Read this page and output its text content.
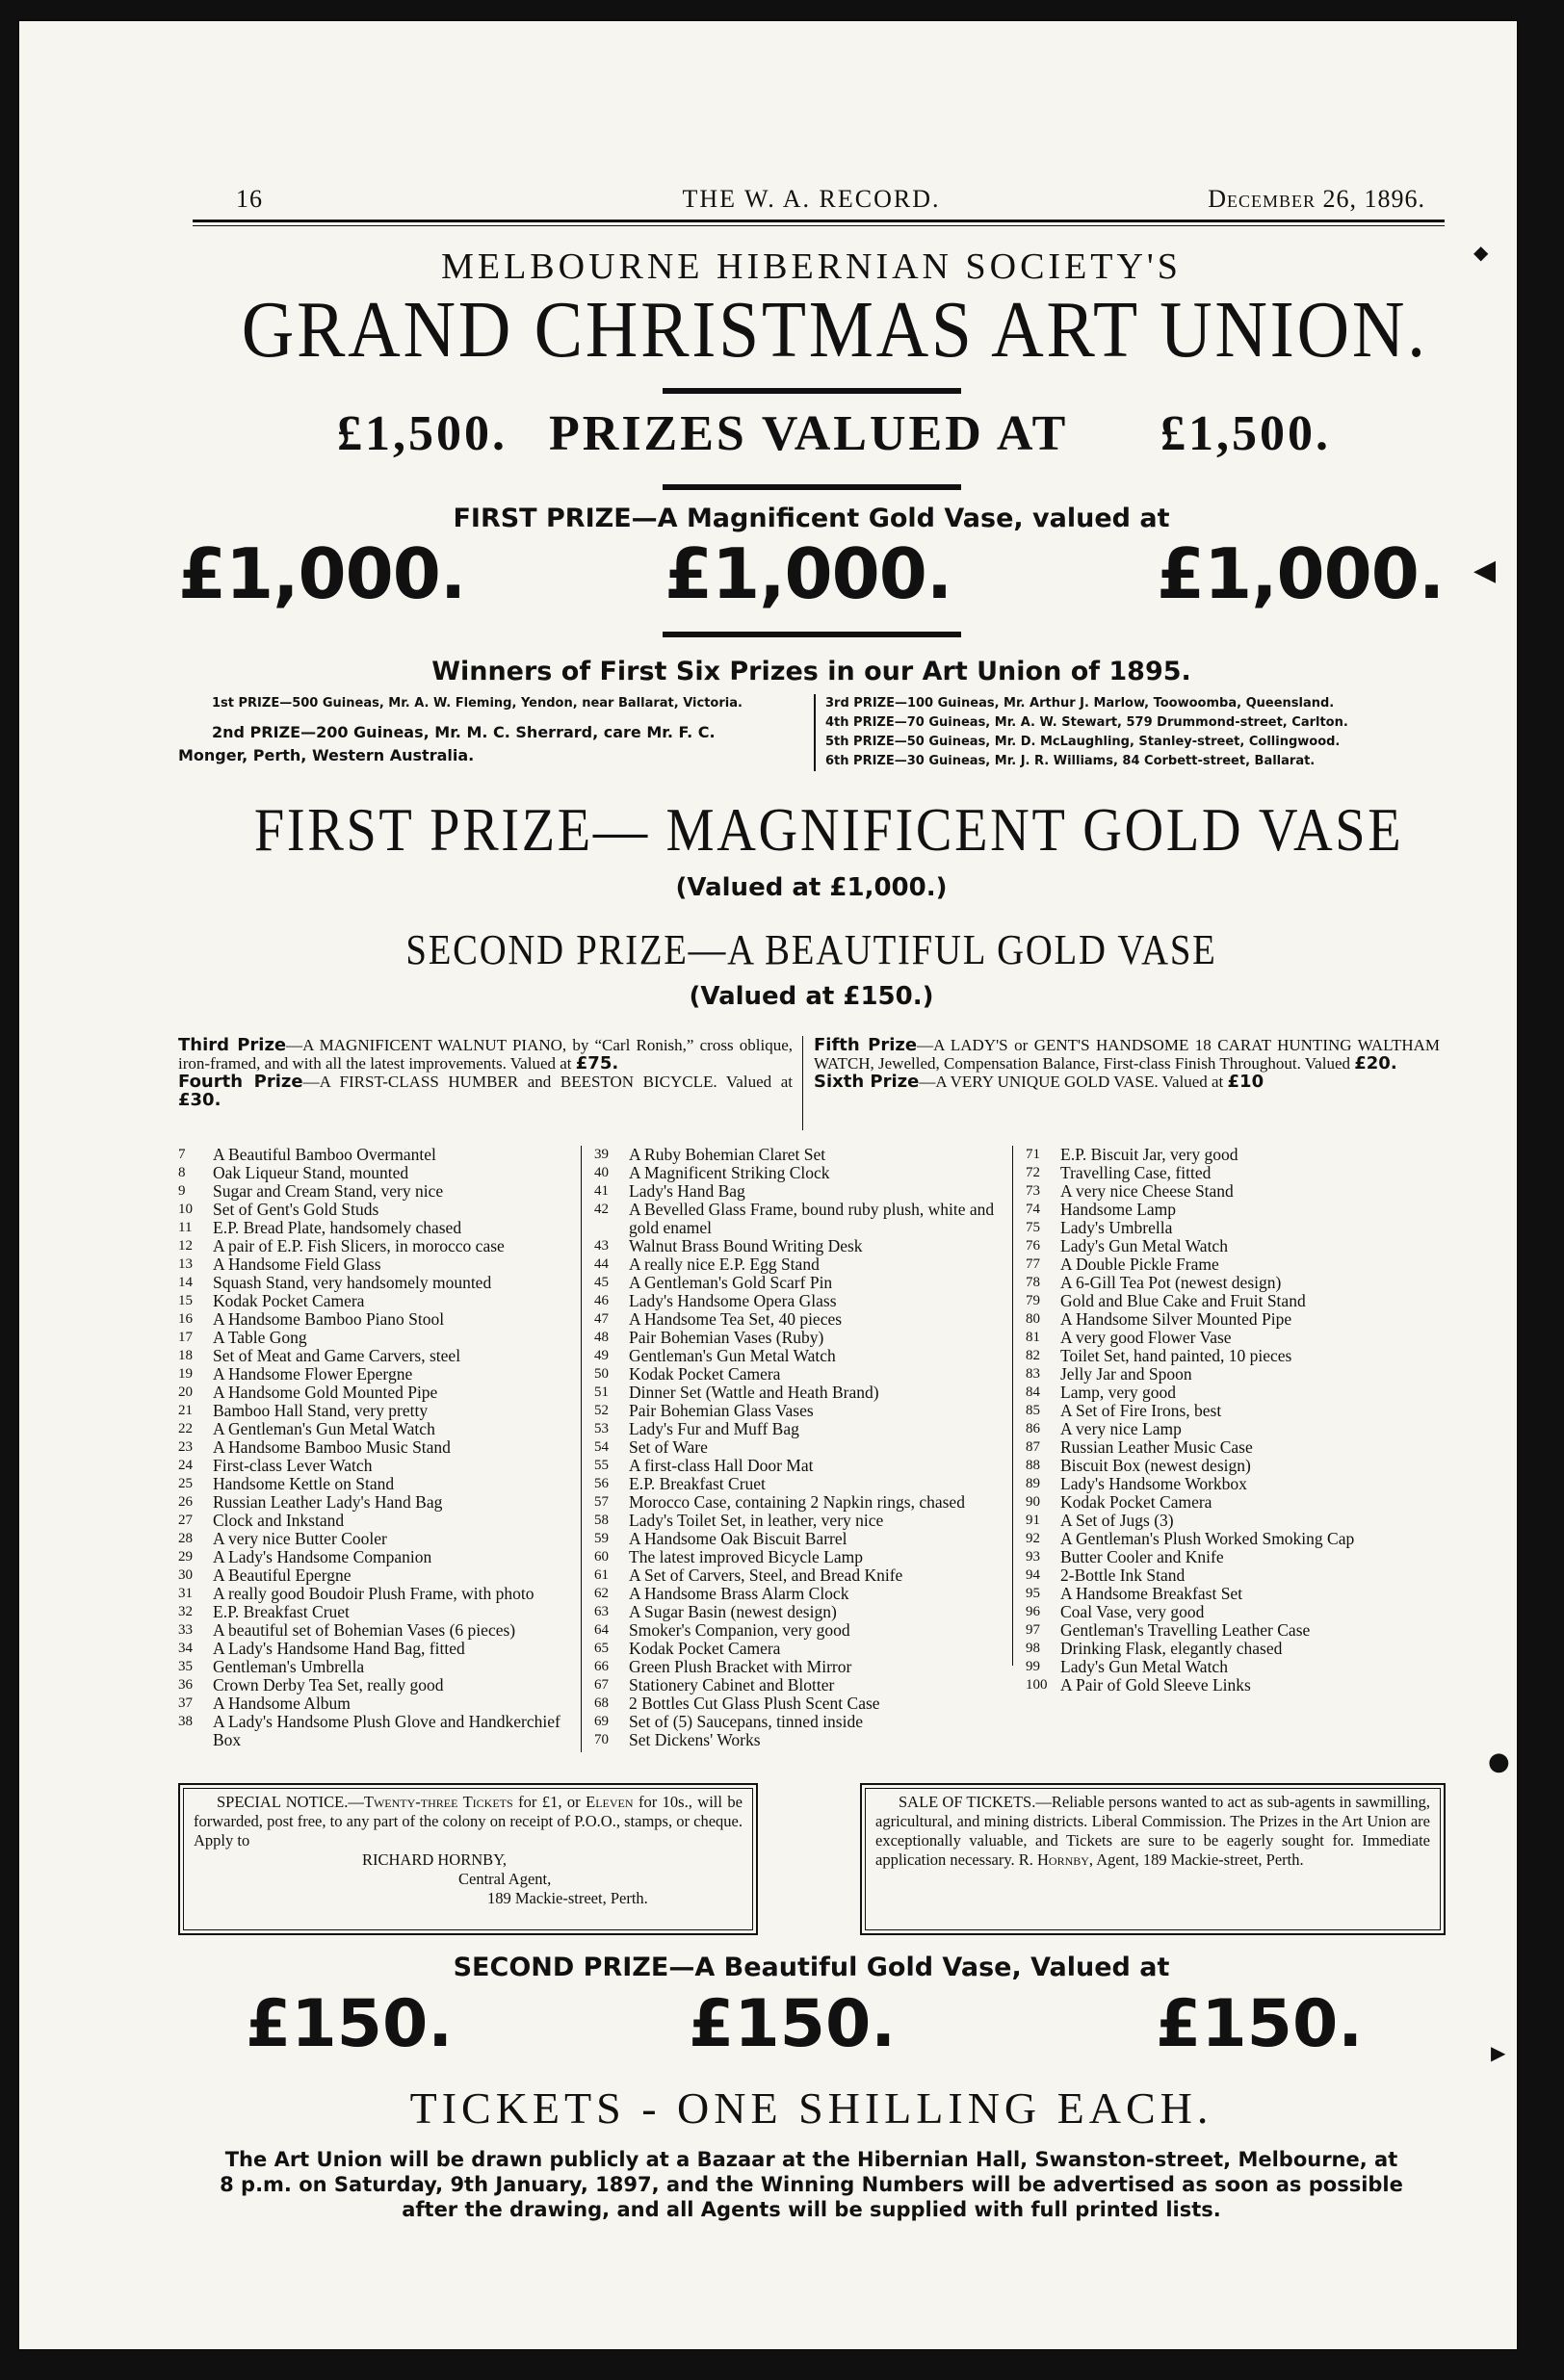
16	THE W. A. RECORD.	December 26, 1896.
MELBOURNE HIBERNIAN SOCIETY'S
GRAND CHRISTMAS ART UNION.
£1,500. PRIZES VALUED AT £1,500.
FIRST PRIZE—A Magnificent Gold Vase, valued at
£1,000.	£1,000.	£1,000.
Winners of First Six Prizes in our Art Union of 1895.
1st PRIZE—500 Guineas, Mr. A. W. Fleming, Yendon, near Ballarat, Victoria.
2nd PRIZE—200 Guineas, Mr. M. C. Sherrard, care Mr. F. C. Monger, Perth, Western Australia.
3rd PRIZE—100 Guineas, Mr. Arthur J. Marlow, Toowoomba, Queensland.
4th PRIZE—70 Guineas, Mr. A. W. Stewart, 579 Drummond-street, Carlton.
5th PRIZE—50 Guineas, Mr. D. McLaughling, Stanley-street, Collingwood.
6th PRIZE—30 Guineas, Mr. J. R. Williams, 84 Corbett-street, Ballarat.
FIRST PRIZE— MAGNIFICENT GOLD VASE
(Valued at £1,000.)
SECOND PRIZE—A BEAUTIFUL GOLD VASE
(Valued at £150.)
Third Prize—A MAGNIFICENT WALNUT PIANO, by “Carl Ronish,” cross oblique, iron-framed, and with all the latest improvements. Valued at £75.
Fourth Prize—A FIRST-CLASS HUMBER and BEESTON BICYCLE. Valued at £30.
Fifth Prize—A LADY'S or GENT'S HANDSOME 18 CARAT HUNTING WALTHAM WATCH, Jewelled, Compensation Balance, First-class Finish Throughout. Valued £20.
Sixth Prize—A VERY UNIQUE GOLD VASE. Valued at £10
7	A Beautiful Bamboo Overmantel
8	Oak Liqueur Stand, mounted
9	Sugar and Cream Stand, very nice
10	Set of Gent's Gold Studs
11	E.P. Bread Plate, handsomely chased
12	A pair of E.P. Fish Slicers, in morocco case
13	A Handsome Field Glass
14	Squash Stand, very handsomely mounted
15	Kodak Pocket Camera
16	A Handsome Bamboo Piano Stool
17	A Table Gong
18	Set of Meat and Game Carvers, steel
19	A Handsome Flower Epergne
20	A Handsome Gold Mounted Pipe
21	Bamboo Hall Stand, very pretty
22	A Gentleman's Gun Metal Watch
23	A Handsome Bamboo Music Stand
24	First-class Lever Watch
25	Handsome Kettle on Stand
26	Russian Leather Lady's Hand Bag
27	Clock and Inkstand
28	A very nice Butter Cooler
29	A Lady's Handsome Companion
30	A Beautiful Epergne
31	A really good Boudoir Plush Frame, with photo
32	E.P. Breakfast Cruet
33	A beautiful set of Bohemian Vases (6 pieces)
34	A Lady's Handsome Hand Bag, fitted
35	Gentleman's Umbrella
36	Crown Derby Tea Set, really good
37	A Handsome Album
38	A Lady's Handsome Plush Glove and Handkerchief Box
39	A Ruby Bohemian Claret Set
40	A Magnificent Striking Clock
41	Lady's Hand Bag
42	A Bevelled Glass Frame, bound ruby plush, white and gold enamel
43	Walnut Brass Bound Writing Desk
44	A really nice E.P. Egg Stand
45	A Gentleman's Gold Scarf Pin
46	Lady's Handsome Opera Glass
47	A Handsome Tea Set, 40 pieces
48	Pair Bohemian Vases (Ruby)
49	Gentleman's Gun Metal Watch
50	Kodak Pocket Camera
51	Dinner Set (Wattle and Heath Brand)
52	Pair Bohemian Glass Vases
53	Lady's Fur and Muff Bag
54	Set of Ware
55	A first-class Hall Door Mat
56	E.P. Breakfast Cruet
57	Morocco Case, containing 2 Napkin rings, chased
58	Lady's Toilet Set, in leather, very nice
59	A Handsome Oak Biscuit Barrel
60	The latest improved Bicycle Lamp
61	A Set of Carvers, Steel, and Bread Knife
62	A Handsome Brass Alarm Clock
63	A Sugar Basin (newest design)
64	Smoker's Companion, very good
65	Kodak Pocket Camera
66	Green Plush Bracket with Mirror
67	Stationery Cabinet and Blotter
68	2 Bottles Cut Glass Plush Scent Case
69	Set of (5) Saucepans, tinned inside
70	Set Dickens' Works
71	E.P. Biscuit Jar, very good
72	Travelling Case, fitted
73	A very nice Cheese Stand
74	Handsome Lamp
75	Lady's Umbrella
76	Lady's Gun Metal Watch
77	A Double Pickle Frame
78	A 6-Gill Tea Pot (newest design)
79	Gold and Blue Cake and Fruit Stand
80	A Handsome Silver Mounted Pipe
81	A very good Flower Vase
82	Toilet Set, hand painted, 10 pieces
83	Jelly Jar and Spoon
84	Lamp, very good
85	A Set of Fire Irons, best
86	A very nice Lamp
87	Russian Leather Music Case
88	Biscuit Box (newest design)
89	Lady's Handsome Workbox
90	Kodak Pocket Camera
91	A Set of Jugs (3)
92	A Gentleman's Plush Worked Smoking Cap
93	Butter Cooler and Knife
94	2-Bottle Ink Stand
95	A Handsome Breakfast Set
96	Coal Vase, very good
97	Gentleman's Travelling Leather Case
98	Drinking Flask, elegantly chased
99	Lady's Gun Metal Watch
100 A Pair of Gold Sleeve Links
SPECIAL NOTICE.—Twenty-three Tickets for £1, or Eleven for 10s., will be forwarded, post free, to any part of the colony on receipt of P.O.O., stamps, or cheque. Apply to
RICHARD HORNBY,
Central Agent,
189 Mackie-street, Perth.
SALE OF TICKETS.—Reliable persons wanted to act as sub-agents in sawmilling, agricultural, and mining districts. Liberal Commission. The Prizes in the Art Union are exceptionally valuable, and Tickets are sure to be eagerly sought for. Immediate application necessary. R. Hornby, Agent, 189 Mackie-street, Perth.
SECOND PRIZE—A Beautiful Gold Vase, Valued at
£150.	£150.	£150.
TICKETS - ONE SHILLING EACH.
The Art Union will be drawn publicly at a Bazaar at the Hibernian Hall, Swanston-street, Melbourne, at 8 p.m. on Saturday, 9th January, 1897, and the Winning Numbers will be advertised as soon as possible after the drawing, and all Agents will be supplied with full printed lists.
◆
◀
●
▶
